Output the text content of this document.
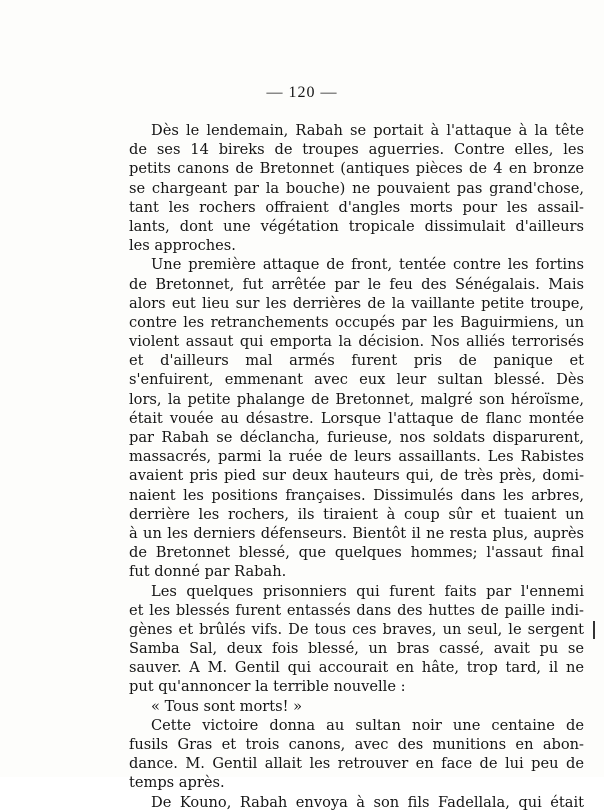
— 120 —
Dès le lendemain, Rabah se portait à l'attaque à la tête
de ses 14 bireks de troupes aguerries. Contre elles, les
petits canons de Bretonnet (antiques pièces de 4 en bronze
se chargeant par la bouche) ne pouvaient pas grand'chose,
tant les rochers offraient d'angles morts pour les assail-
lants, dont une végétation tropicale dissimulait d'ailleurs
les approches.
Une première attaque de front, tentée contre les fortins
de Bretonnet, fut arrêtée par le feu des Sénégalais. Mais
alors eut lieu sur les derrières de la vaillante petite troupe,
contre les retranchements occupés par les Baguirmiens, un
violent assaut qui emporta la décision. Nos alliés terrorisés
et d'ailleurs mal armés furent pris de panique et
s'enfuirent, emmenant avec eux leur sultan blessé. Dès
lors, la petite phalange de Bretonnet, malgré son héroïsme,
était vouée au désastre. Lorsque l'attaque de flanc montée
par Rabah se déclancha, furieuse, nos soldats disparurent,
massacrés, parmi la ruée de leurs assaillants. Les Rabistes
avaient pris pied sur deux hauteurs qui, de très près, domi-
naient les positions françaises. Dissimulés dans les arbres,
derrière les rochers, ils tiraient à coup sûr et tuaient un
à un les derniers défenseurs. Bientôt il ne resta plus, auprès
de Bretonnet blessé, que quelques hommes; l'assaut final
fut donné par Rabah.
Les quelques prisonniers qui furent faits par l'ennemi
et les blessés furent entassés dans des huttes de paille indi-
gènes et brûlés vifs. De tous ces braves, un seul, le sergent
Samba Sal, deux fois blessé, un bras cassé, avait pu se
sauver. A M. Gentil qui accourait en hâte, trop tard, il ne
put qu'annoncer la terrible nouvelle :
« Tous sont morts! »
Cette victoire donna au sultan noir une centaine de
fusils Gras et trois canons, avec des munitions en abon-
dance. M. Gentil allait les retrouver en face de lui peu de
temps après.
De Kouno, Rabah envoya à son fils Fadellala, qui était
